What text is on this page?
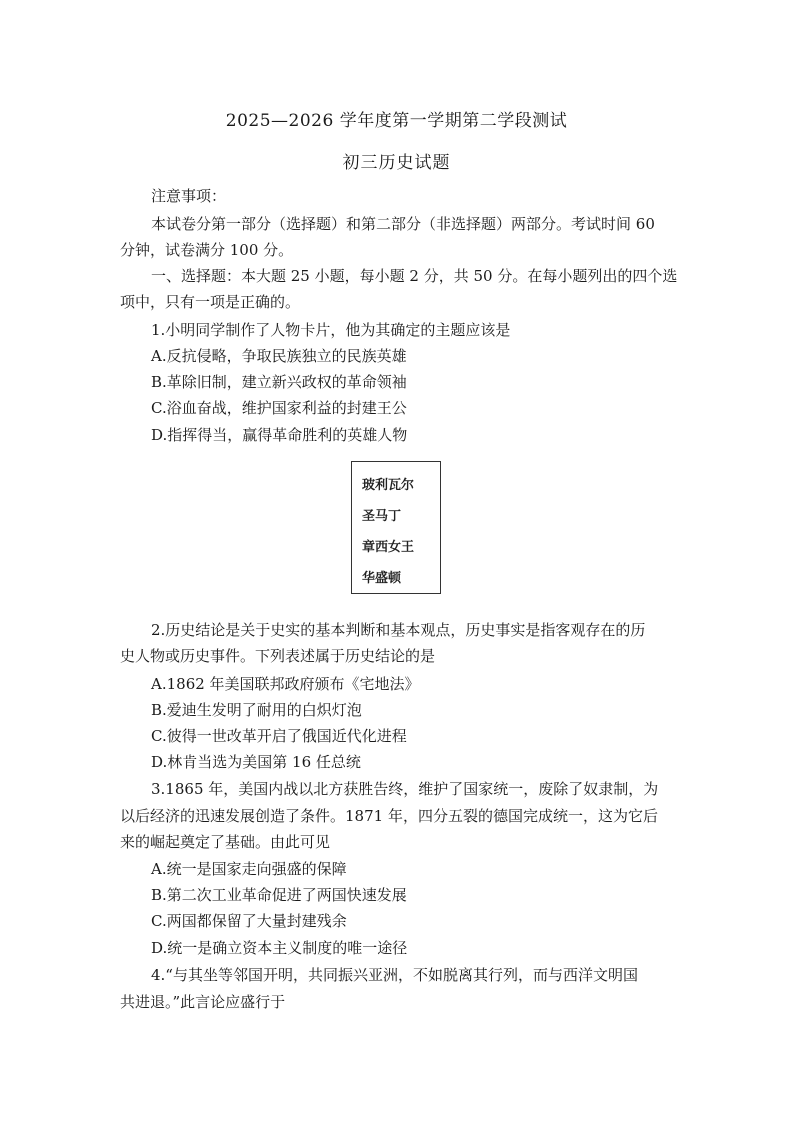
2025—2026 学年度第一学期第二学段测试
初三历史试题
注意事项：
本试卷分第一部分（选择题）和第二部分（非选择题）两部分。考试时间 60
分钟，试卷满分 100 分。
一、选择题：本大题 25 小题，每小题 2 分，共 50 分。在每小题列出的四个选
项中，只有一项是正确的。
1.小明同学制作了人物卡片，他为其确定的主题应该是
A.反抗侵略，争取民族独立的民族英雄
B.革除旧制，建立新兴政权的革命领袖
C.浴血奋战，维护国家利益的封建王公
D.指挥得当，赢得革命胜利的英雄人物
玻利瓦尔
圣马丁
章西女王
华盛顿
2.历史结论是关于史实的基本判断和基本观点，历史事实是指客观存在的历
史人物或历史事件。下列表述属于历史结论的是
A.1862 年美国联邦政府颁布《宅地法》
B.爱迪生发明了耐用的白炽灯泡
C.彼得一世改革开启了俄国近代化进程
D.林肯当选为美国第 16 任总统
3.1865 年，美国内战以北方获胜告终，维护了国家统一，废除了奴隶制，为
以后经济的迅速发展创造了条件。1871 年，四分五裂的德国完成统一，这为它后
来的崛起奠定了基础。由此可见
A.统一是国家走向强盛的保障
B.第二次工业革命促进了两国快速发展
C.两国都保留了大量封建残余
D.统一是确立资本主义制度的唯一途径
4.“与其坐等邻国开明，共同振兴亚洲，不如脱离其行列，而与西洋文明国
共进退。”此言论应盛行于
